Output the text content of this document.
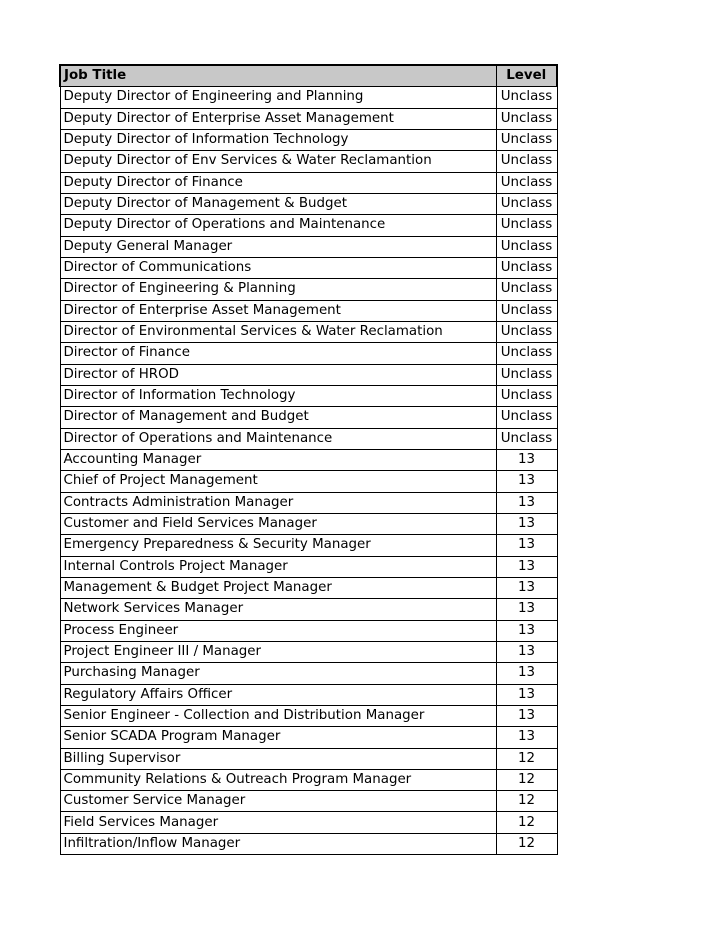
Job Title	Level
Deputy Director of Engineering and Planning	Unclass
Deputy Director of Enterprise Asset Management	Unclass
Deputy Director of Information Technology	Unclass
Deputy Director of Env Services & Water Reclamantion	Unclass
Deputy Director of Finance	Unclass
Deputy Director of Management & Budget	Unclass
Deputy Director of Operations and Maintenance	Unclass
Deputy General Manager	Unclass
Director of Communications	Unclass
Director of Engineering & Planning	Unclass
Director of Enterprise Asset Management	Unclass
Director of Environmental Services & Water Reclamation	Unclass
Director of Finance	Unclass
Director of HROD	Unclass
Director of Information Technology	Unclass
Director of Management and Budget	Unclass
Director of Operations and Maintenance	Unclass
Accounting Manager	13
Chief of Project Management	13
Contracts Administration Manager	13
Customer and Field Services Manager	13
Emergency Preparedness & Security Manager	13
Internal Controls Project Manager	13
Management & Budget Project Manager	13
Network Services Manager	13
Process Engineer	13
Project Engineer III / Manager	13
Purchasing Manager	13
Regulatory Affairs Officer	13
Senior Engineer - Collection and Distribution Manager	13
Senior SCADA Program Manager	13
Billing Supervisor	12
Community Relations & Outreach Program Manager	12
Customer Service Manager	12
Field Services Manager	12
Infiltration/Inflow Manager	12
